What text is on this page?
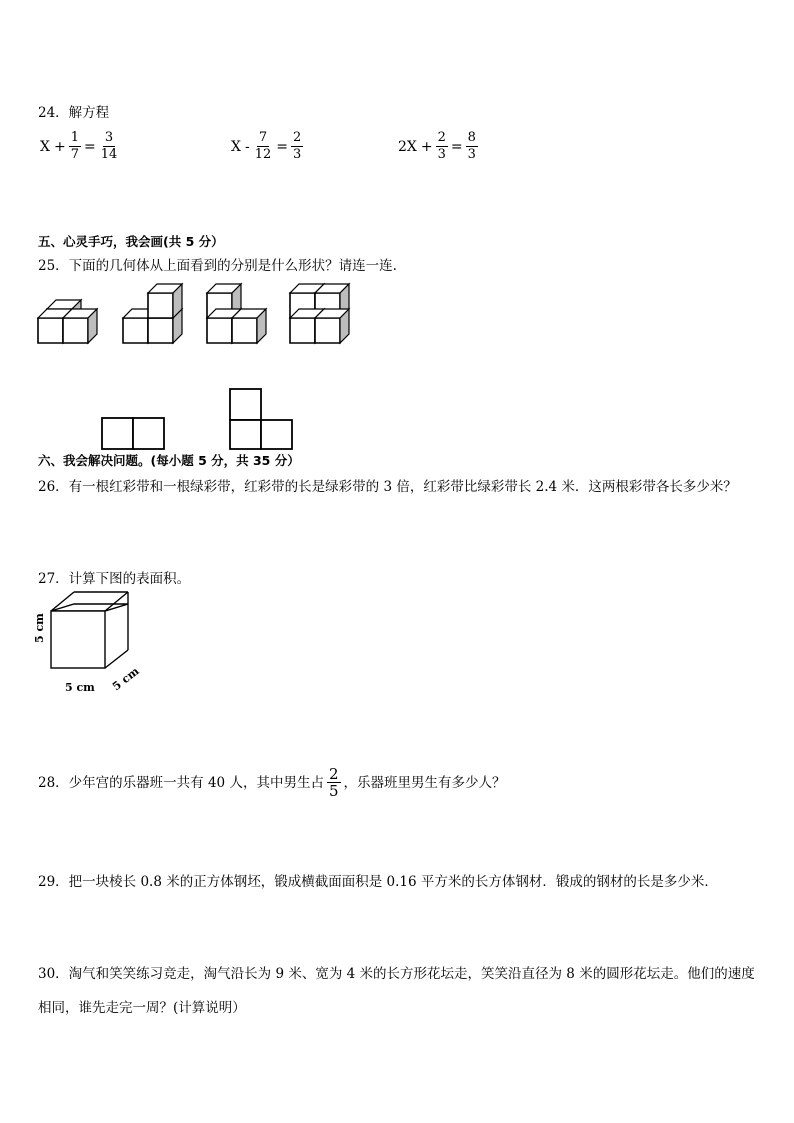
24．解方程
$X + \frac{1}{7} = \frac{3}{14}$	$X - \frac{7}{12} = \frac{2}{3}$	$2X + \frac{2}{3} = \frac{8}{3}$
五、心灵手巧，我会画(共 5 分）
25．下面的几何体从上面看到的分别是什么形状？请连一连.
六、我会解决问题。(每小题 5 分，共 35 分）
26．有一根红彩带和一根绿彩带，红彩带的长是绿彩带的 3 倍，红彩带比绿彩带长 2.4 米．这两根彩带各长多少米？
27．计算下图的表面积。
5 cm
5 cm 5 cm
28．少年宫的乐器班一共有 40 人，其中男生占 $\frac{2}{5}$ ，乐器班里男生有多少人？
29．把一块棱长 0.8 米的正方体钢坯，锻成横截面面积是 0.16 平方米的长方体钢材．锻成的钢材的长是多少米．
30．淘气和笑笑练习竞走，淘气沿长为 9 米、宽为 4 米的长方形花坛走，笑笑沿直径为 8 米的圆形花坛走。他们的速度相同，谁先走完一周？(计算说明）
